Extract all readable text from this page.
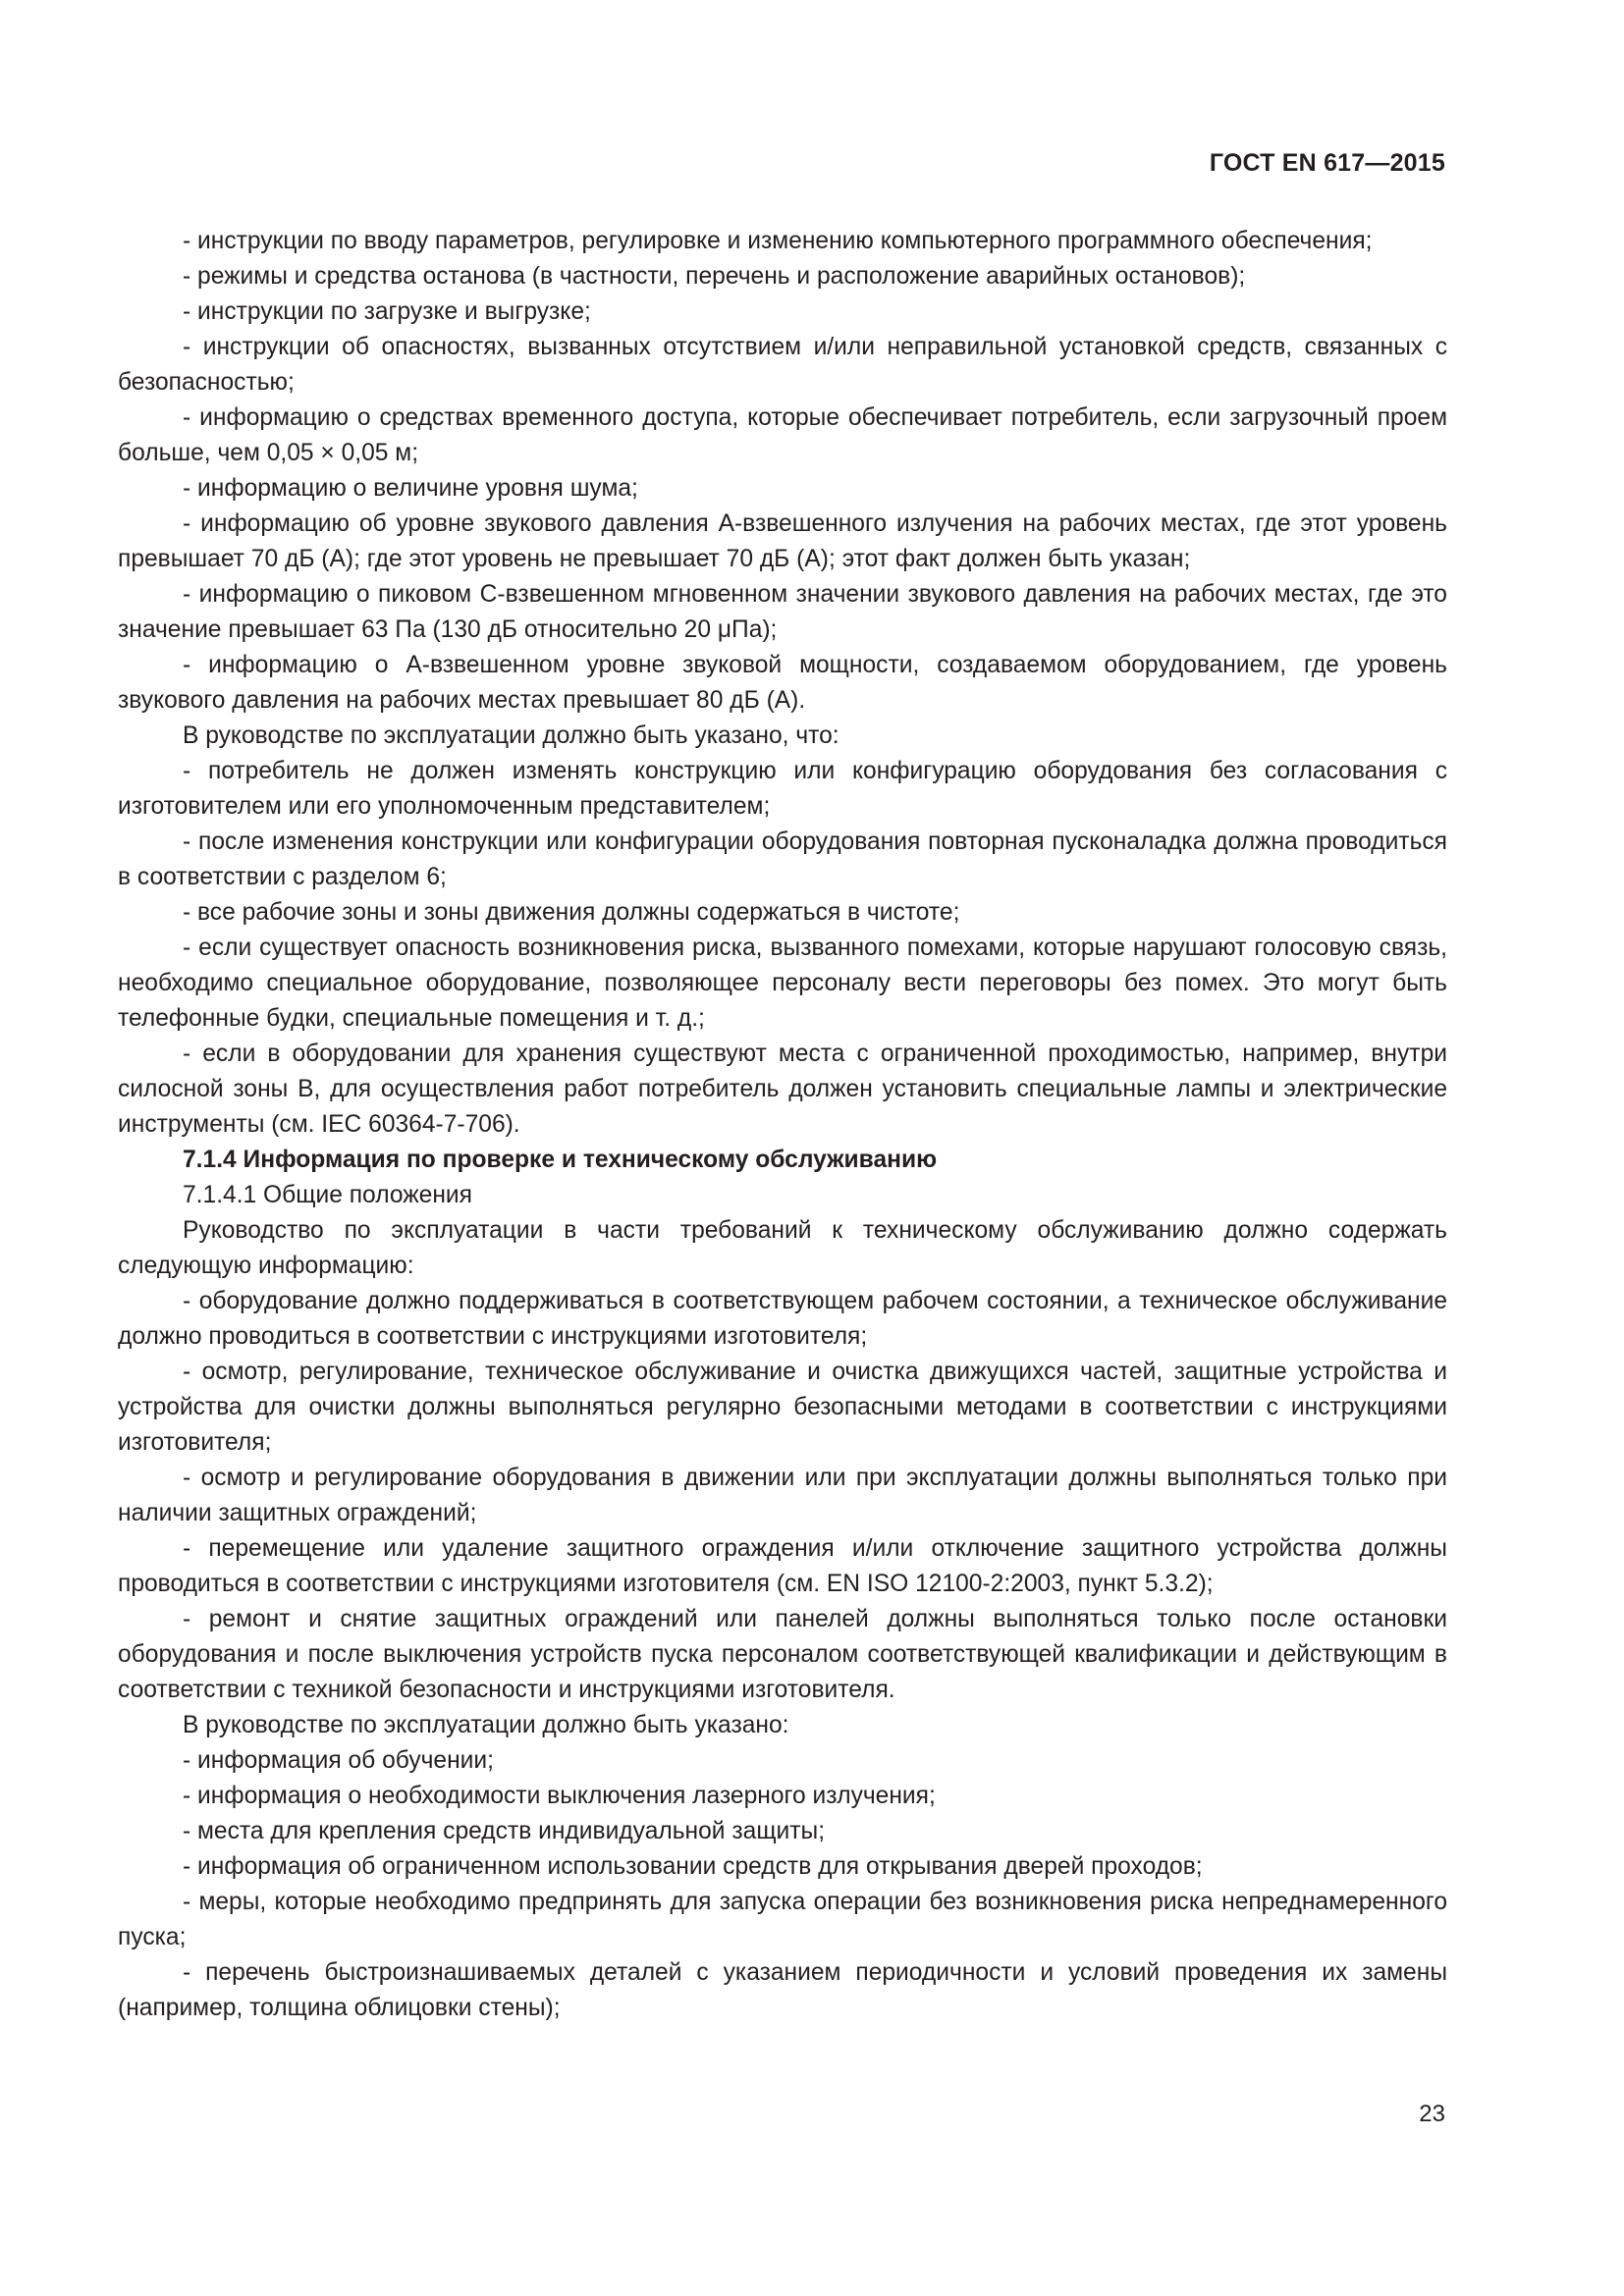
ГОСТ EN 617—2015

- инструкции по вводу параметров, регулировке и изменению компьютерного программного обеспечения;

- режимы и средства останова (в частности, перечень и расположение аварийных остановов);

- инструкции по загрузке и выгрузке;

- инструкции об опасностях, вызванных отсутствием и/или неправильной установкой средств, связанных с безопасностью;

- информацию о средствах временного доступа, которые обеспечивает потребитель, если загрузочный проем больше, чем 0,05 × 0,05 м;

- информацию о величине уровня шума;

- информацию об уровне звукового давления А-взвешенного излучения на рабочих местах, где этот уровень превышает 70 дБ (А); где этот уровень не превышает 70 дБ (А); этот факт должен быть указан;

- информацию о пиковом С-взвешенном мгновенном значении звукового давления на рабочих местах, где это значение превышает 63 Па (130 дБ относительно 20 μПа);

- информацию о А-взвешенном уровне звуковой мощности, создаваемом оборудованием, где уровень звукового давления на рабочих местах превышает 80 дБ (А).

В руководстве по эксплуатации должно быть указано, что:

- потребитель не должен изменять конструкцию или конфигурацию оборудования без согласования с изготовителем или его уполномоченным представителем;

- после изменения конструкции или конфигурации оборудования повторная пусконаладка должна проводиться в соответствии с разделом 6;

- все рабочие зоны и зоны движения должны содержаться в чистоте;

- если существует опасность возникновения риска, вызванного помехами, которые нарушают голосовую связь, необходимо специальное оборудование, позволяющее персоналу вести переговоры без помех. Это могут быть телефонные будки, специальные помещения и т. д.;

- если в оборудовании для хранения существуют места с ограниченной проходимостью, например, внутри силосной зоны В, для осуществления работ потребитель должен установить специальные лампы и электрические инструменты (см. IEC 60364-7-706).

7.1.4 Информация по проверке и техническому обслуживанию

7.1.4.1 Общие положения

Руководство по эксплуатации в части требований к техническому обслуживанию должно содержать следующую информацию:

- оборудование должно поддерживаться в соответствующем рабочем состоянии, а техническое обслуживание должно проводиться в соответствии с инструкциями изготовителя;

- осмотр, регулирование, техническое обслуживание и очистка движущихся частей, защитные устройства и устройства для очистки должны выполняться регулярно безопасными методами в соответствии с инструкциями изготовителя;

- осмотр и регулирование оборудования в движении или при эксплуатации должны выполняться только при наличии защитных ограждений;

- перемещение или удаление защитного ограждения и/или отключение защитного устройства должны проводиться в соответствии с инструкциями изготовителя (см. EN ISO 12100-2:2003, пункт 5.3.2);

- ремонт и снятие защитных ограждений или панелей должны выполняться только после остановки оборудования и после выключения устройств пуска персоналом соответствующей квалификации и действующим в соответствии с техникой безопасности и инструкциями изготовителя.

В руководстве по эксплуатации должно быть указано:

- информация об обучении;

- информация о необходимости выключения лазерного излучения;

- места для крепления средств индивидуальной защиты;

- информация об ограниченном использовании средств для открывания дверей проходов;

- меры, которые необходимо предпринять для запуска операции без возникновения риска непреднамеренного пуска;

- перечень быстроизнашиваемых деталей с указанием периодичности и условий проведения их замены (например, толщина облицовки стены);

23
